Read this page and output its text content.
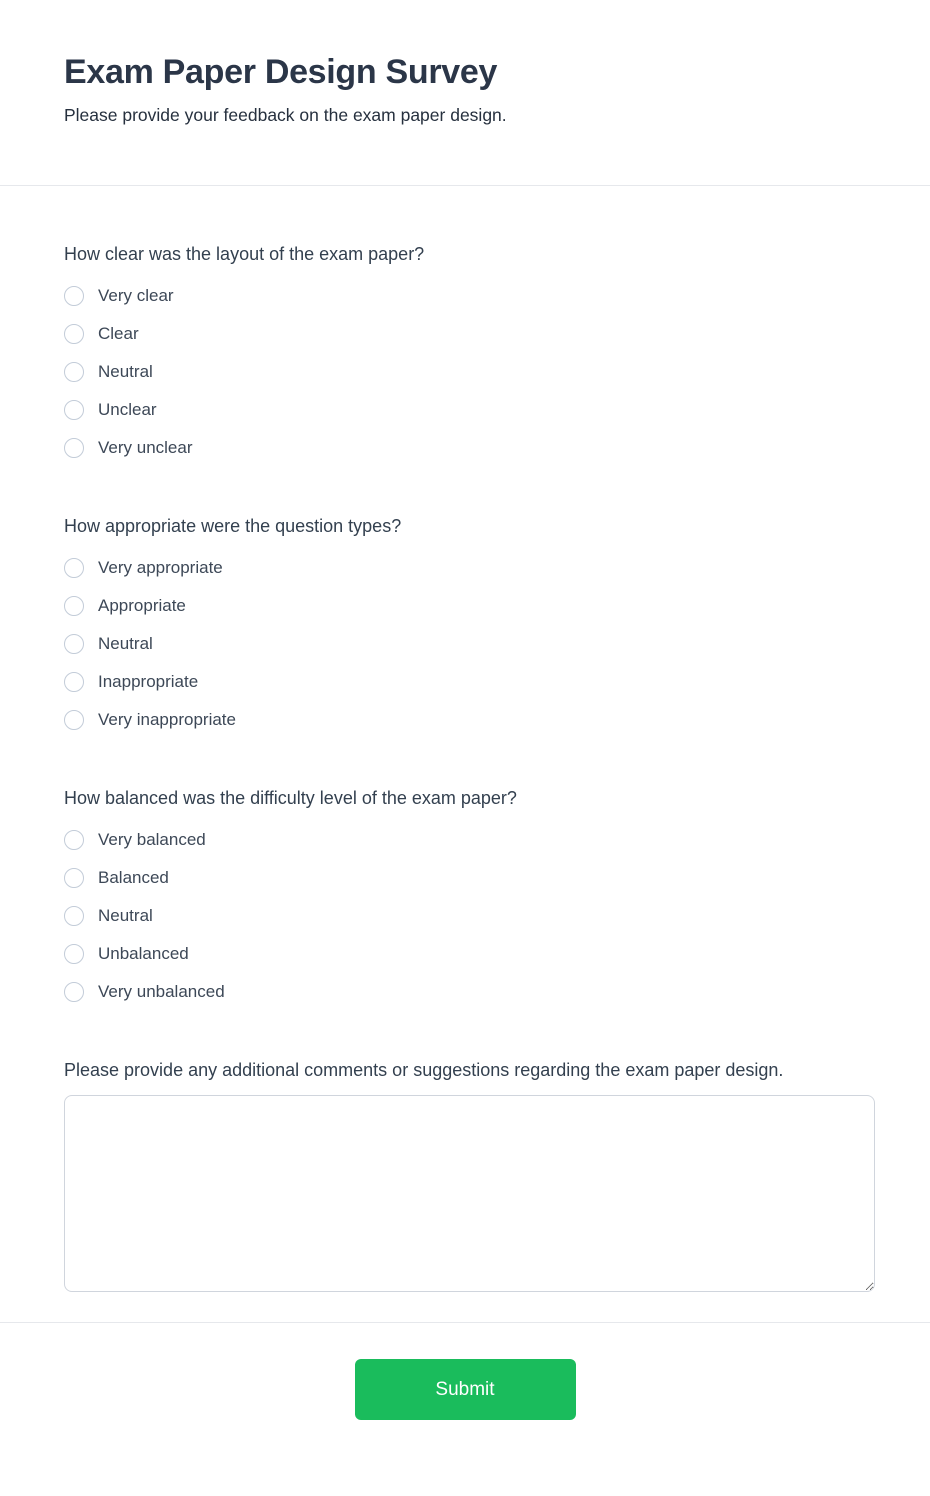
Exam Paper Design Survey

Please provide your feedback on the exam paper design.

How clear was the layout of the exam paper?
Very clear
Clear
Neutral
Unclear
Very unclear
How appropriate were the question types?
Very appropriate
Appropriate
Neutral
Inappropriate
Very inappropriate
How balanced was the difficulty level of the exam paper?
Very balanced
Balanced
Neutral
Unbalanced
Very unbalanced
Please provide any additional comments or suggestions regarding the exam paper design.
Submit
